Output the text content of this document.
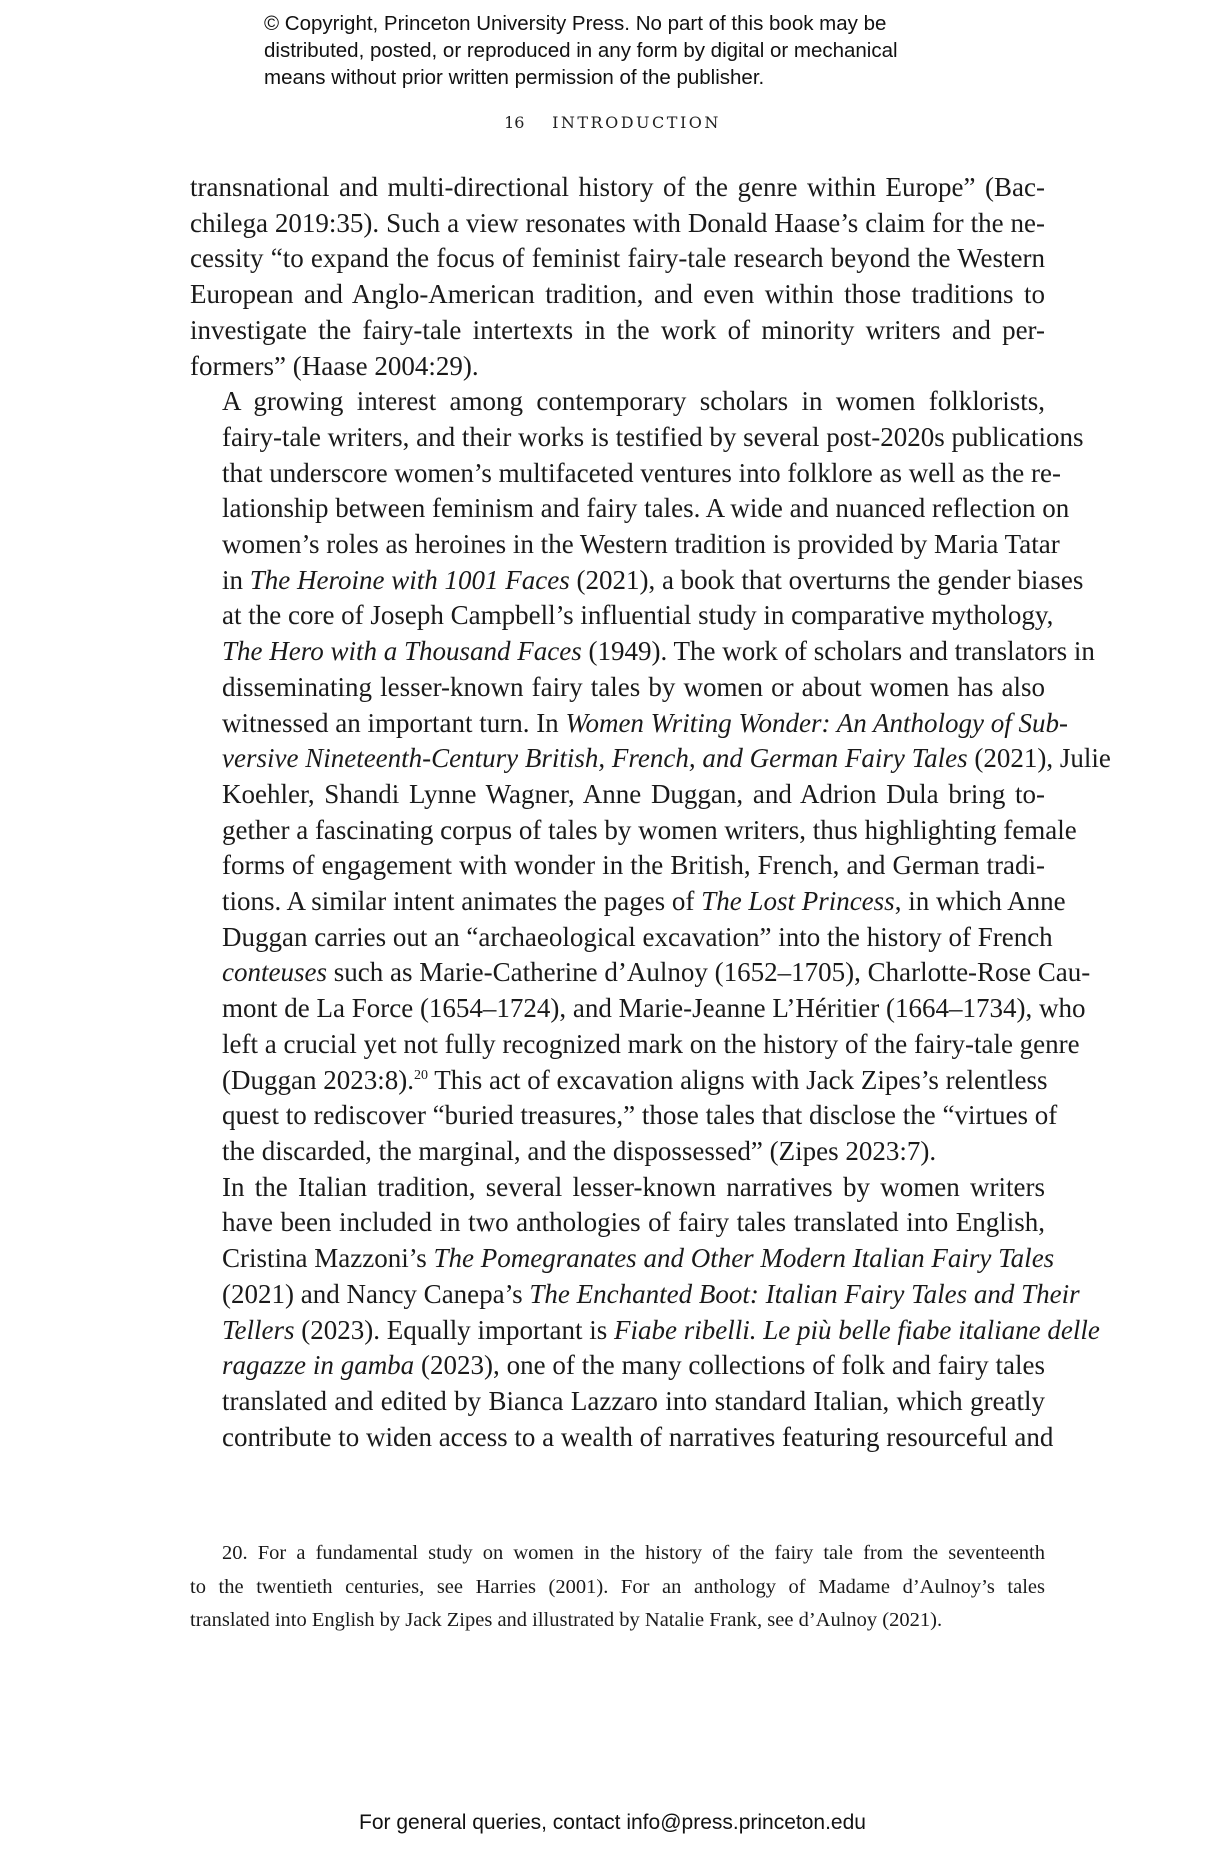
© Copyright, Princeton University Press. No part of this book may be
distributed, posted, or reproduced in any form by digital or mechanical
means without prior written permission of the publisher.
16 INTRODUCTION

transnational and multi-directional history of the genre within Europe” (Bac-
chilega 2019:35). Such a view resonates with Donald Haase’s claim for the ne-
cessity “to expand the focus of feminist fairy-tale research beyond the Western
European and Anglo-American tradition, and even within those traditions to
investigate the fairy-tale intertexts in the work of minority writers and per-
formers” (Haase 2004:29).

A growing interest among contemporary scholars in women folklorists,
fairy-tale writers, and their works is testified by several post-2020s publications
that underscore women’s multifaceted ventures into folklore as well as the re-
lationship between feminism and fairy tales. A wide and nuanced reflection on
women’s roles as heroines in the Western tradition is provided by Maria Tatar
in The Heroine with 1001 Faces (2021), a book that overturns the gender biases
at the core of Joseph Campbell’s influential study in comparative mythology,
The Hero with a Thousand Faces (1949). The work of scholars and translators in
disseminating lesser-known fairy tales by women or about women has also
witnessed an important turn. In Women Writing Wonder: An Anthology of Sub-
versive Nineteenth-Century British, French, and German Fairy Tales (2021), Julie
Koehler, Shandi Lynne Wagner, Anne Duggan, and Adrion Dula bring to-
gether a fascinating corpus of tales by women writers, thus highlighting female
forms of engagement with wonder in the British, French, and German tradi-
tions. A similar intent animates the pages of The Lost Princess, in which Anne
Duggan carries out an “archaeological excavation” into the history of French
conteuses such as Marie-Catherine d’Aulnoy (1652–1705), Charlotte-Rose Cau-
mont de La Force (1654–1724), and Marie-Jeanne L’Héritier (1664–1734), who
left a crucial yet not fully recognized mark on the history of the fairy-tale genre
(Duggan 2023:8).$^{20}$ This act of excavation aligns with Jack Zipes’s relentless
quest to rediscover “buried treasures,” those tales that disclose the “virtues of
the discarded, the marginal, and the dispossessed” (Zipes 2023:7).

In the Italian tradition, several lesser-known narratives by women writers
have been included in two anthologies of fairy tales translated into English,
Cristina Mazzoni’s The Pomegranates and Other Modern Italian Fairy Tales
(2021) and Nancy Canepa’s The Enchanted Boot: Italian Fairy Tales and Their
Tellers (2023). Equally important is Fiabe ribelli. Le più belle fiabe italiane delle
ragazze in gamba (2023), one of the many collections of folk and fairy tales
translated and edited by Bianca Lazzaro into standard Italian, which greatly
contribute to widen access to a wealth of narratives featuring resourceful and

20. For a fundamental study on women in the history of the fairy tale from the seventeenth
to the twentieth centuries, see Harries (2001). For an anthology of Madame d’Aulnoy’s tales
translated into English by Jack Zipes and illustrated by Natalie Frank, see d’Aulnoy (2021).

For general queries, contact info@press.princeton.edu
